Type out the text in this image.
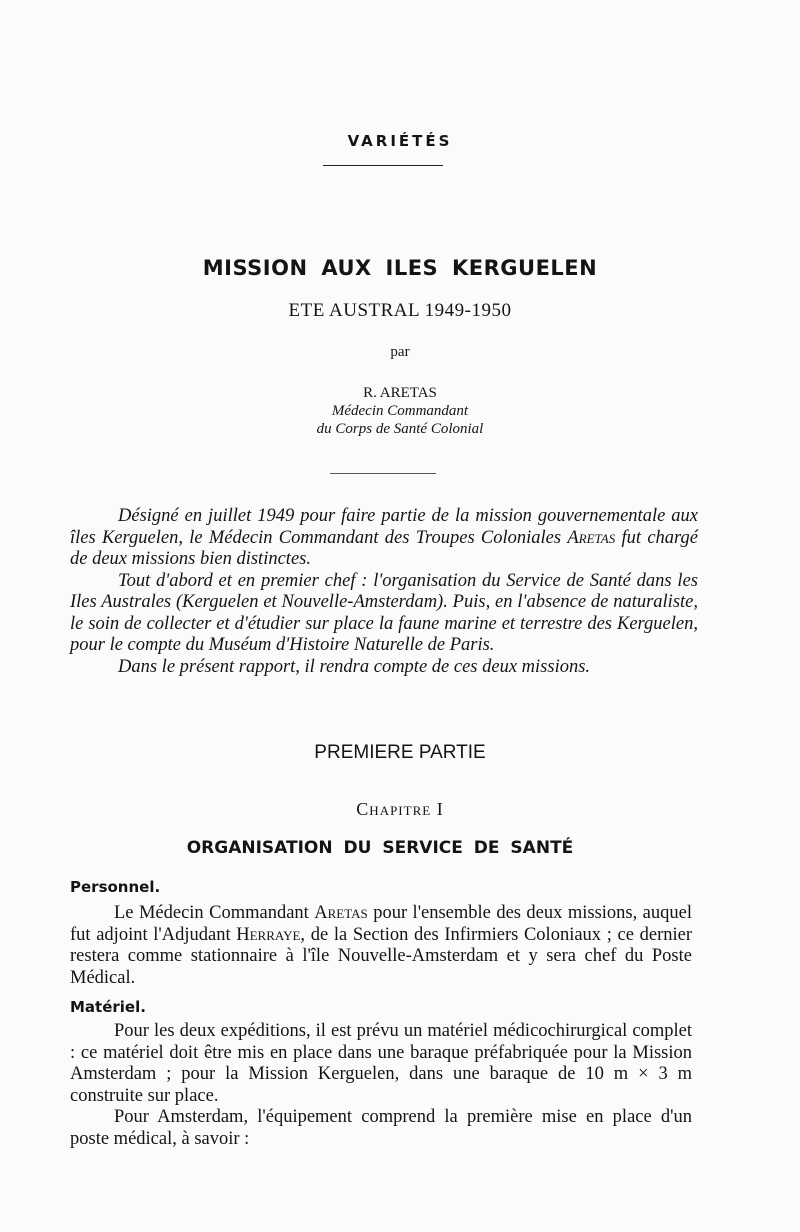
VARIÉTÉS
MISSION AUX ILES KERGUELEN
ETE AUSTRAL 1949-1950
par
R. ARETAS
Médecin Commandant
du Corps de Santé Colonial

Désigné en juillet 1949 pour faire partie de la mission gouvernementale aux îles Kerguelen, le Médecin Commandant des Troupes Coloniales Aretas fut chargé de deux missions bien distinctes.

Tout d'abord et en premier chef : l'organisation du Service de Santé dans les Iles Australes (Kerguelen et Nouvelle-Amsterdam). Puis, en l'absence de naturaliste, le soin de collecter et d'étudier sur place la faune marine et terrestre des Kerguelen, pour le compte du Muséum d'Histoire Naturelle de Paris.

Dans le présent rapport, il rendra compte de ces deux missions.

PREMIERE PARTIE
Chapitre I
ORGANISATION DU SERVICE DE SANTÉ
Personnel.

Le Médecin Commandant Aretas pour l'ensemble des deux missions, auquel fut adjoint l'Adjudant Herraye, de la Section des Infirmiers Coloniaux ; ce dernier restera comme stationnaire à l'île Nouvelle-Amsterdam et y sera chef du Poste Médical.

Matériel.

Pour les deux expéditions, il est prévu un matériel médicochirurgical complet : ce matériel doit être mis en place dans une baraque préfabriquée pour la Mission Amsterdam ; pour la Mission Kerguelen, dans une baraque de 10 m × 3 m construite sur place.

Pour Amsterdam, l'équipement comprend la première mise en place d'un poste médical, à savoir :
